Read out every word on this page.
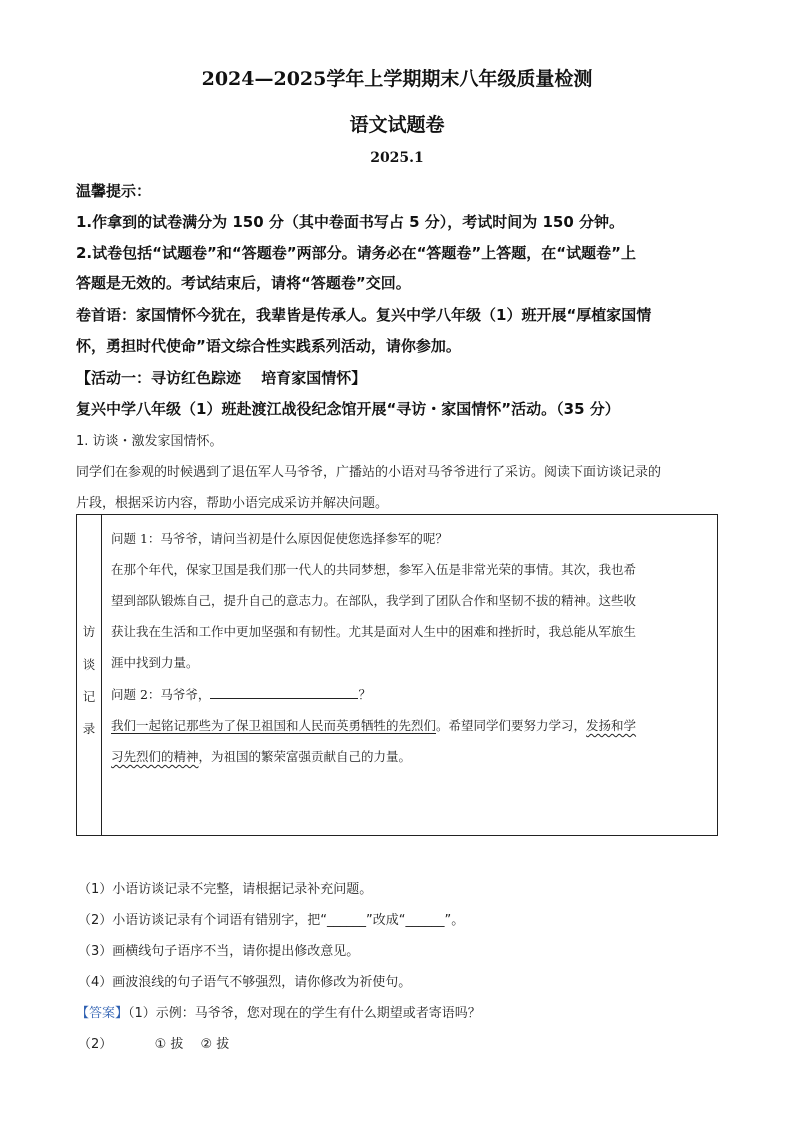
2024—2025学年上学期期末八年级质量检测
语文试题卷
2025.1
温馨提示：
1.作拿到的试卷满分为 150 分（其中卷面书写占 5 分），考试时间为 150 分钟。
2.试卷包括“试题卷”和“答题卷”两部分。请务必在“答题卷”上答题，在“试题卷”上
答题是无效的。考试结束后，请将“答题卷”交回。
卷首语：家国情怀今犹在，我辈皆是传承人。复兴中学八年级（1）班开展“厚植家国情
怀，勇担时代使命”语文综合性实践系列活动，请你参加。
【活动一：寻访红色踪迹　 培育家国情怀】
复兴中学八年级（1）班赴渡江战役纪念馆开展“寻访・家国情怀”活动。（35 分）
1. 访谈・激发家国情怀。
同学们在参观的时候遇到了退伍军人马爷爷，广播站的小语对马爷爷进行了采访。阅读下面访谈记录的
片段，根据采访内容，帮助小语完成采访并解决问题。
访
谈
记
录
问题 1：马爷爷，请问当初是什么原因促使您选择参军的呢？
在那个年代，保家卫国是我们那一代人的共同梦想，参军入伍是非常光荣的事情。其次，我也希
望到部队锻炼自己，提升自己的意志力。在部队，我学到了团队合作和坚韧不拔的精神。这些收
获让我在生活和工作中更加坚强和有韧性。尤其是面对人生中的困难和挫折时，我总能从军旅生
涯中找到力量。
问题 2：马爷爷，	？
我们一起铭记那些为了保卫祖国和人民而英勇牺牲的先烈们。希望同学们要努力学习，发扬和学
习先烈们的精神，为祖国的繁荣富强贡献自己的力量。
（1）小语访谈记录不完整，请根据记录补充问题。
（2）小语访谈记录有个词语有错别字，把“______”改成“______”。
（3）画横线句子语序不当，请你提出修改意见。
（4）画波浪线的句子语气不够强烈，请你修改为祈使句。
【答案】（1）示例：马爷爷，您对现在的学生有什么期望或者寄语吗？
（2）	① 拔　 ② 拔
